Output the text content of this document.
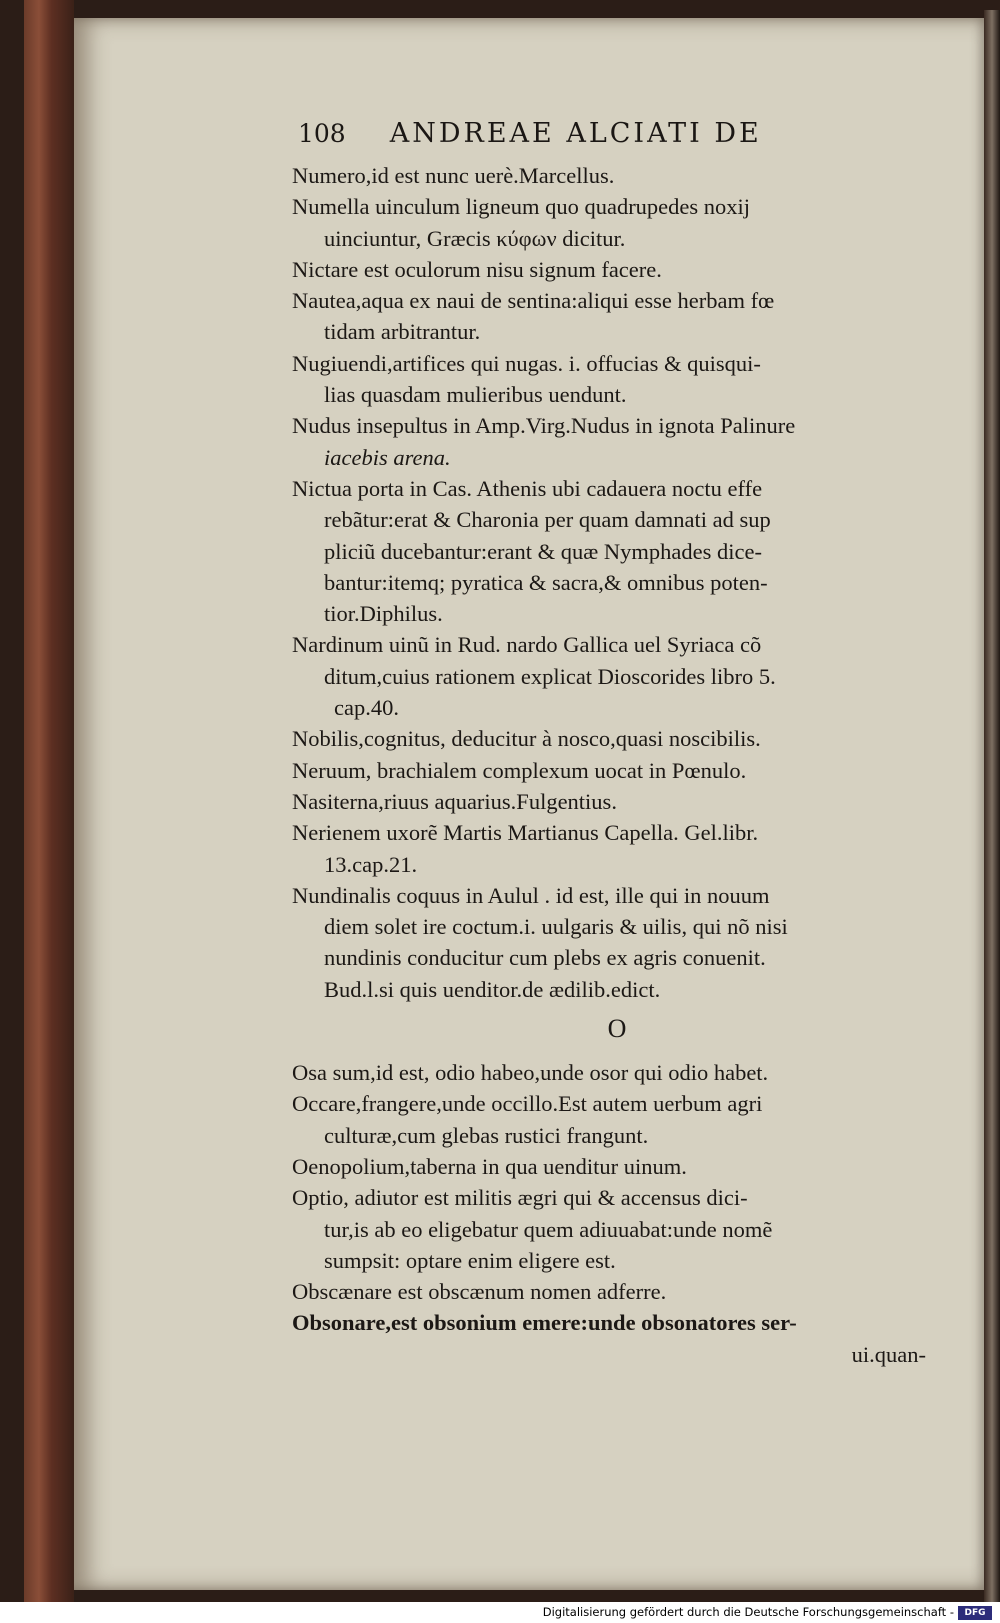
108 ANDREAE ALCIATI DE
Numero,id est nunc uerè.Marcellus.
Numella uinculum ligneum quo quadrupedes noxij
uinciuntur, Græcis κύφων dicitur.
Nictare est oculorum nisu signum facere.
Nautea,aqua ex naui de sentina:aliqui esse herbam fœ
tidam arbitrantur.
Nugiuendi,artifices qui nugas. i. offucias & quisqui-
lias quasdam mulieribus uendunt.
Nudus insepultus in Amp.Virg.Nudus in ignota Palinure
iacebis arena.
Nictua porta in Cas. Athenis ubi cadauera noctu effe
rebãtur:erat & Charonia per quam damnati ad sup
pliciũ ducebantur:erant & quæ Nymphades dice-
bantur:itemq; pyratica & sacra,& omnibus poten-
tior.Diphilus.
Nardinum uinũ in Rud. nardo Gallica uel Syriaca cõ
ditum,cuius rationem explicat Dioscorides libro 5.
cap.40.
Nobilis,cognitus, deducitur à nosco,quasi noscibilis.
Neruum, brachialem complexum uocat in Pœnulo.
Nasiterna,riuus aquarius.Fulgentius.
Nerienem uxorẽ Martis Martianus Capella. Gel.libr.
13.cap.21.
Nundinalis coquus in Aulul . id est, ille qui in nouum
diem solet ire coctum.i. uulgaris & uilis, qui nõ nisi
nundinis conducitur cum plebs ex agris conuenit.
Bud.l.si quis uenditor.de ædilib.edict.
O
Osa sum,id est, odio habeo,unde osor qui odio habet.
Occare,frangere,unde occillo.Est autem uerbum agri
culturæ,cum glebas rustici frangunt.
Oenopolium,taberna in qua uenditur uinum.
Optio, adiutor est militis ægri qui & accensus dici-
tur,is ab eo eligebatur quem adiuuabat:unde nomẽ
sumpsit: optare enim eligere est.
Obscænare est obscænum nomen adferre.
Obsonare,est obsonium emere:unde obsonatores ser-
ui.quan-
Digitalisierung gefördert durch die Deutsche Forschungsgemeinschaft -	DFG
